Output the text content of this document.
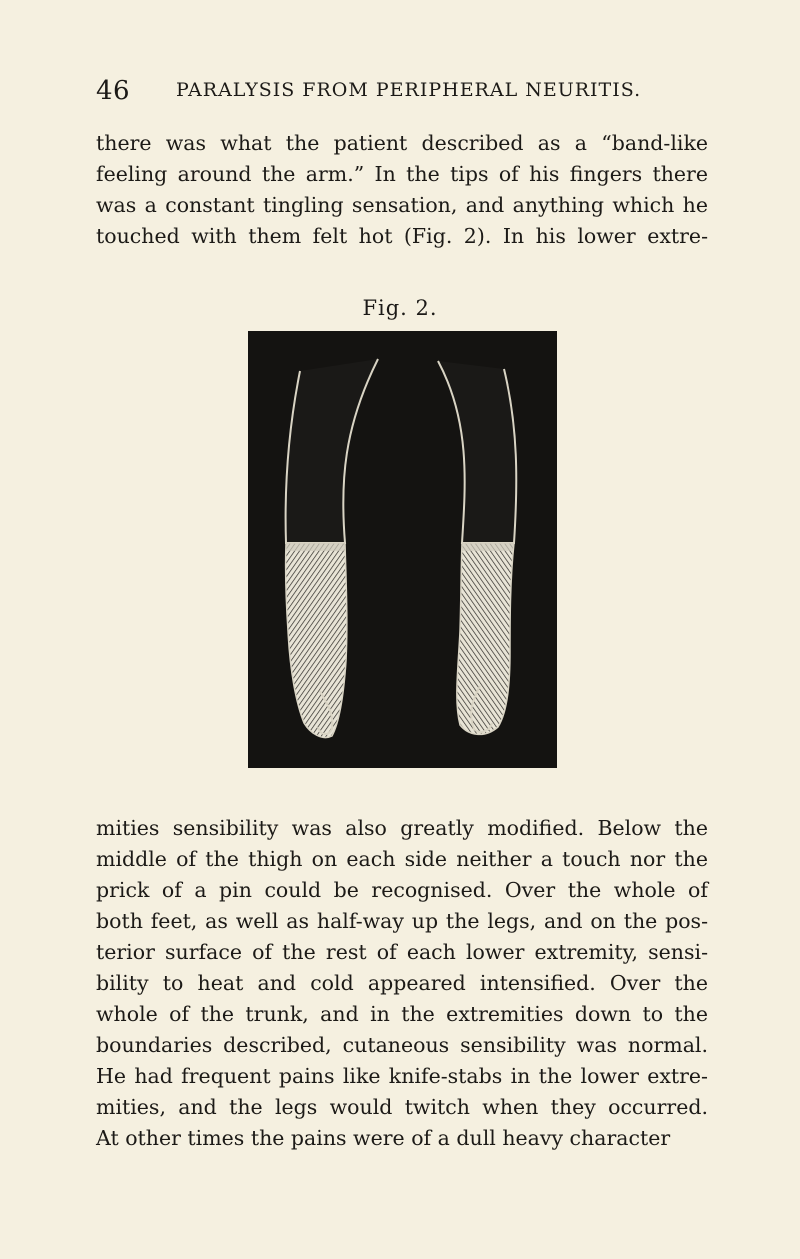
46 PARALYSIS FROM PERIPHERAL NEURITIS.
there was what the patient described as a “band-like
feeling around the arm.” In the tips of his fingers there
was a constant tingling sensation, and anything which he
touched with them felt hot (Fig. 2). In his lower extre-
Fig. 2.
mities sensibility was also greatly modified. Below the
middle of the thigh on each side neither a touch nor the
prick of a pin could be recognised. Over the whole of
both feet, as well as half-way up the legs, and on the pos-
terior surface of the rest of each lower extremity, sensi-
bility to heat and cold appeared intensified. Over the
whole of the trunk, and in the extremities down to the
boundaries described, cutaneous sensibility was normal.
He had frequent pains like knife-stabs in the lower extre-
mities, and the legs would twitch when they occurred.
At other times the pains were of a dull heavy character
